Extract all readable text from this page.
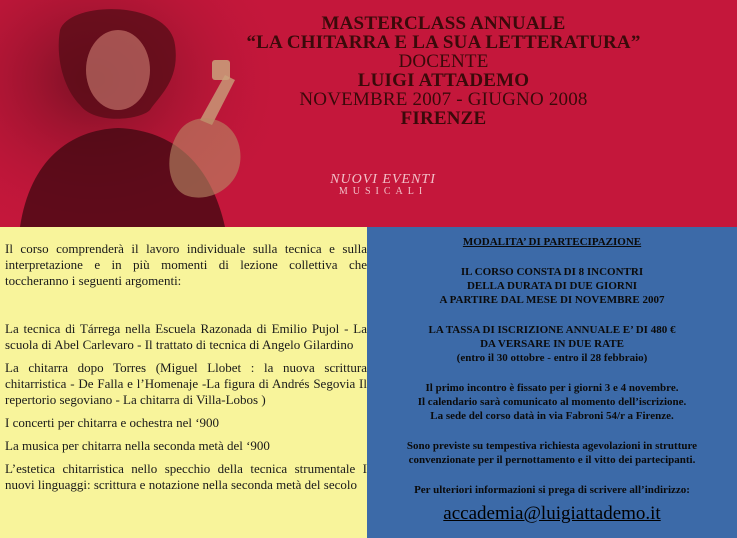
MASTERCLASS ANNUALE
“LA CHITARRA E LA SUA LETTERATURA”
DOCENTE
LUIGI ATTADEMO
NOVEMBRE 2007 - GIUGNO 2008
FIRENZE
NUOVI EVENTI
MUSICALI

Il corso comprenderà il lavoro individuale sulla tecnica e sulla interpretazione e in più momenti di lezione collettiva che toccheranno i seguenti argomenti:

La tecnica di Tárrega nella Escuela Razonada di Emilio Pujol - La scuola di Abel Carlevaro - Il trattato di tecnica di Angelo Gilardino

La chitarra dopo Torres (Miguel Llobet : la nuova scrittura chitarristica - De Falla e l’Homenaje -La figura di Andrés Segovia Il repertorio segoviano - La chitarra di Villa-Lobos )

I concerti per chitarra e ochestra nel ‘900

La musica per chitarra nella seconda metà del ‘900

L’estetica chitarristica nello specchio della tecnica strumentale I nuovi linguaggi: scrittura e notazione nella seconda metà del secolo

MODALITA’ DI PARTECIPAZIONE
IL CORSO CONSTA DI 8 INCONTRI
DELLA DURATA DI DUE GIORNI
A PARTIRE DAL MESE DI NOVEMBRE 2007
LA TASSA DI ISCRIZIONE ANNUALE E’ DI 480 €
DA VERSARE IN DUE RATE
(entro il 30 ottobre - entro il 28 febbraio)
Il primo incontro è fissato per i giorni 3 e 4 novembre.
Il calendario sarà comunicato al momento dell’iscrizione.
La sede del corso datà in via Fabroni 54/r a Firenze.
Sono previste su tempestiva richiesta agevolazioni in strutture
convenzionate per il pernottamento e il vitto dei partecipanti.
Per ulteriori informazioni si prega di scrivere all’indirizzo:
accademia@luigiattademo.it
